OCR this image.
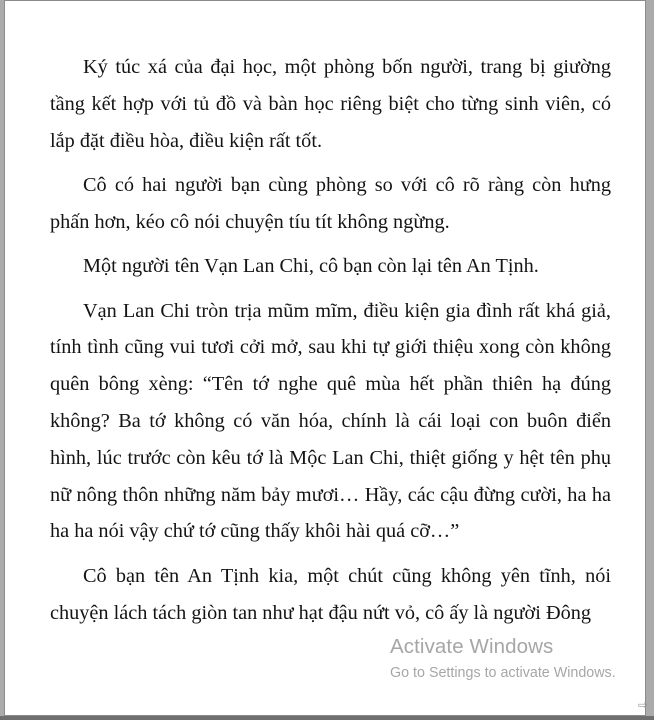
Ký túc xá của đại học, một phòng bốn người, trang bị giường tầng kết hợp với tủ đồ và bàn học riêng biệt cho từng sinh viên, có lắp đặt điều hòa, điều kiện rất tốt.

Cô có hai người bạn cùng phòng so với cô rõ ràng còn hưng phấn hơn, kéo cô nói chuyện tíu tít không ngừng.

Một người tên Vạn Lan Chi, cô bạn còn lại tên An Tịnh.

Vạn Lan Chi tròn trịa mũm mĩm, điều kiện gia đình rất khá giả, tính tình cũng vui tươi cởi mở, sau khi tự giới thiệu xong còn không quên bông xèng: “Tên tớ nghe quê mùa hết phần thiên hạ đúng không? Ba tớ không có văn hóa, chính là cái loại con buôn điển hình, lúc trước còn kêu tớ là Mộc Lan Chi, thiệt giống y hệt tên phụ nữ nông thôn những năm bảy mươi… Hầy, các cậu đừng cười, ha ha ha ha nói vậy chứ tớ cũng thấy khôi hài quá cỡ…”

Cô bạn tên An Tịnh kia, một chút cũng không yên tĩnh, nói chuyện lách tách giòn tan như hạt đậu nứt vỏ, cô ấy là người Đông

Activate Windows
Go to Settings to activate Windows.
⇨
